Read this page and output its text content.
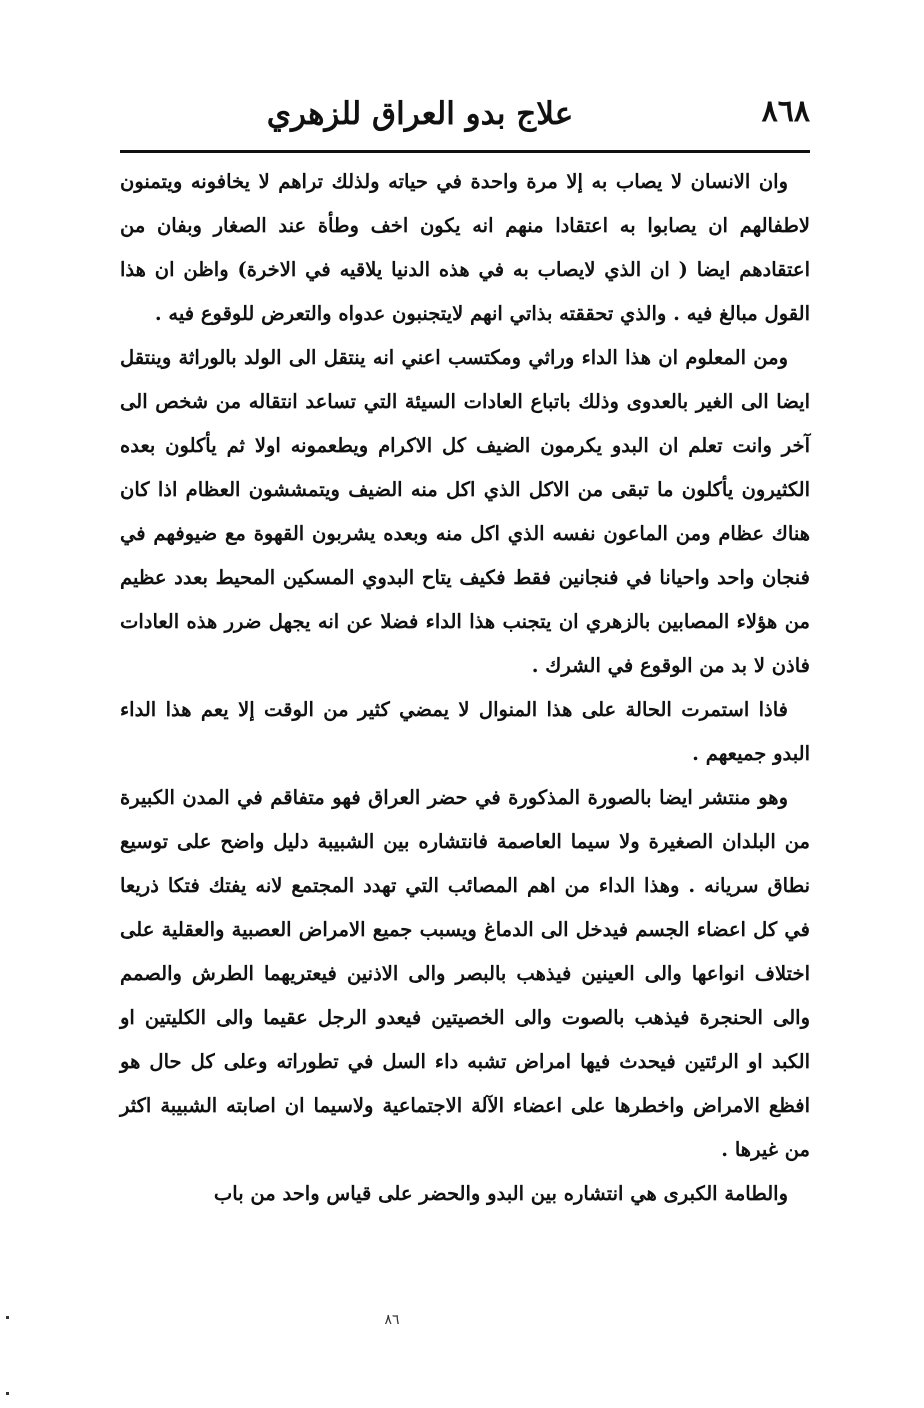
٨٦٨
علاج بدو العراق للزهري

وان الانسان لا يصاب به إلا مرة واحدة في حياته ولذلك تراهم لا يخافونه ويتمنون لاطفالهم ان يصابوا به اعتقادا منهم انه يكون اخف وطأة عند الصغار وبفان من اعتقادهم ايضا ( ان الذي لايصاب به في هذه الدنيا يلاقيه في الاخرة) واظن ان هذا القول مبالغ فيه . والذي تحققته بذاتي انهم لايتجنبون عدواه والتعرض للوقوع فيه .

ومن المعلوم ان هذا الداء وراثي ومكتسب اعني انه ينتقل الى الولد بالوراثة وينتقل ايضا الى الغير بالعدوى وذلك باتباع العادات السيئة التي تساعد انتقاله من شخص الى آخر وانت تعلم ان البدو يكرمون الضيف كل الاكرام ويطعمونه اولا ثم يأكلون بعده الكثيرون يأكلون ما تبقى من الاكل الذي اكل منه الضيف ويتمششون العظام اذا كان هناك عظام ومن الماعون نفسه الذي اكل منه وبعده يشربون القهوة مع ضيوفهم في فنجان واحد واحيانا في فنجانين فقط فكيف يتاح البدوي المسكين المحيط بعدد عظيم من هؤلاء المصابين بالزهري ان يتجنب هذا الداء فضلا عن انه يجهل ضرر هذه العادات فاذن لا بد من الوقوع في الشرك .

فاذا استمرت الحالة على هذا المنوال لا يمضي كثير من الوقت إلا يعم هذا الداء البدو جميعهم .

وهو منتشر ايضا بالصورة المذكورة في حضر العراق فهو متفاقم في المدن الكبيرة من البلدان الصغيرة ولا سيما العاصمة فانتشاره بين الشبيبة دليل واضح على توسيع نطاق سريانه . وهذا الداء من اهم المصائب التي تهدد المجتمع لانه يفتك فتكا ذريعا في كل اعضاء الجسم فيدخل الى الدماغ ويسبب جميع الامراض العصبية والعقلية على اختلاف انواعها والى العينين فيذهب بالبصر والى الاذنين فيعتريهما الطرش والصمم والى الحنجرة فيذهب بالصوت والى الخصيتين فيعدو الرجل عقيما والى الكليتين او الكبد او الرئتين فيحدث فيها امراض تشبه داء السل في تطوراته وعلى كل حال هو افظع الامراض واخطرها على اعضاء الآلة الاجتماعية ولاسيما ان اصابته الشبيبة اكثر من غيرها .

والطامة الكبرى هي انتشاره بين البدو والحضر على قياس واحد من باب

٨٦
